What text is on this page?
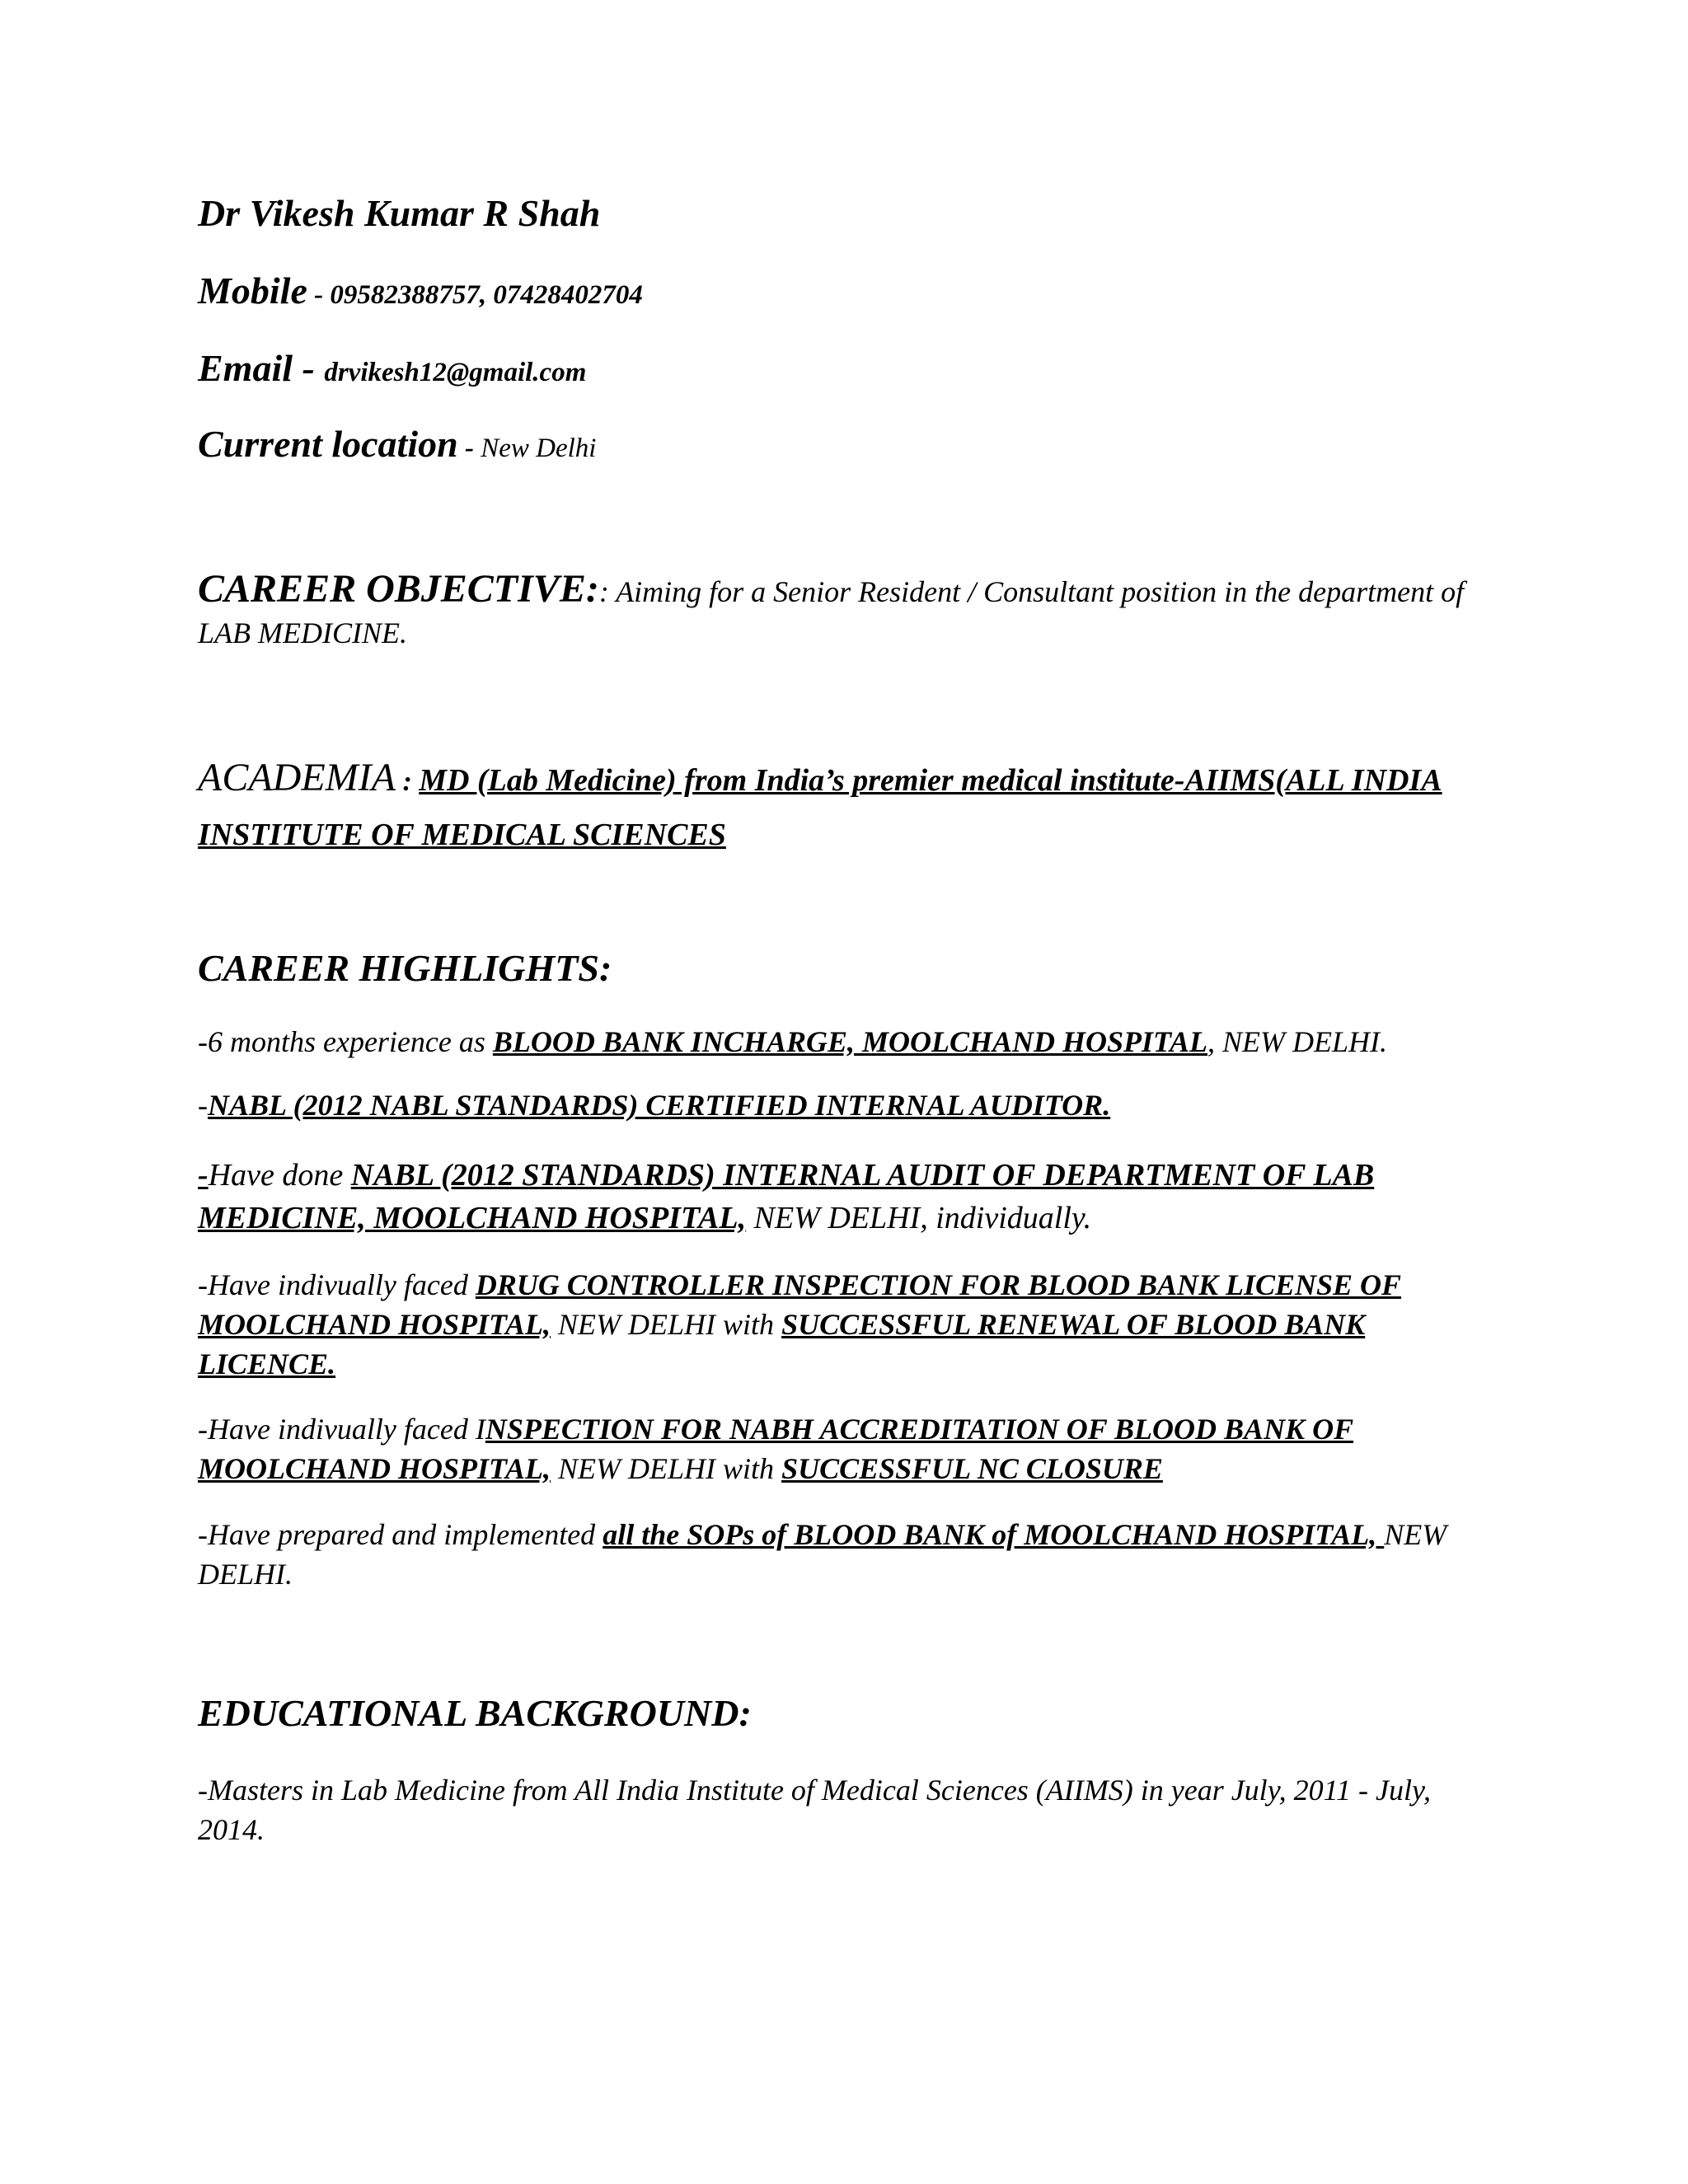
Dr Vikesh Kumar R Shah
Mobile - 09582388757, 07428402704
Email - drvikesh12@gmail.com
Current location - New Delhi
CAREER OBJECTIVE:: Aiming for a Senior Resident / Consultant position in the department of LAB MEDICINE.
ACADEMIA : MD (Lab Medicine) from India’s premier medical institute-AIIMS(ALL INDIA INSTITUTE OF MEDICAL SCIENCES
CAREER HIGHLIGHTS:
-6 months experience as BLOOD BANK INCHARGE, MOOLCHAND HOSPITAL, NEW DELHI.
-NABL (2012 NABL STANDARDS) CERTIFIED INTERNAL AUDITOR.
-Have done NABL (2012 STANDARDS) INTERNAL AUDIT OF DEPARTMENT OF LAB MEDICINE, MOOLCHAND HOSPITAL, NEW DELHI, individually.
-Have indivually faced DRUG CONTROLLER INSPECTION FOR BLOOD BANK LICENSE OF MOOLCHAND HOSPITAL, NEW DELHI with SUCCESSFUL RENEWAL OF BLOOD BANK LICENCE.
-Have indivually faced INSPECTION FOR NABH ACCREDITATION OF BLOOD BANK OF MOOLCHAND HOSPITAL, NEW DELHI with SUCCESSFUL NC CLOSURE
-Have prepared and implemented all the SOPs of BLOOD BANK of MOOLCHAND HOSPITAL, NEW DELHI.
EDUCATIONAL BACKGROUND:
-Masters in Lab Medicine from All India Institute of Medical Sciences (AIIMS) in year July, 2011 - July, 2014.
